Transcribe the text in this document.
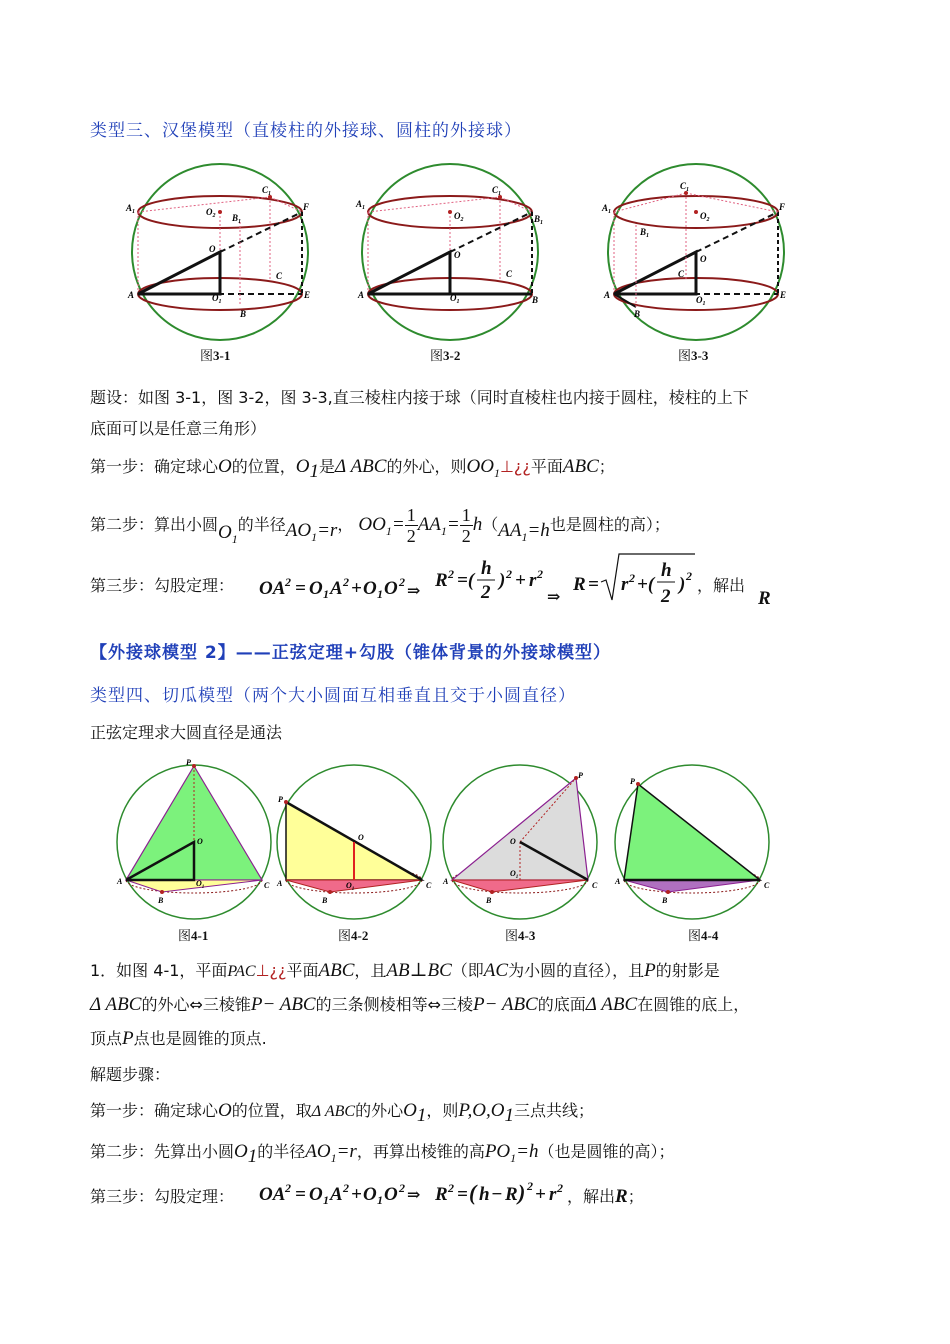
类型三、汉堡模型（直棱柱的外接球、圆柱的外接球）
$A_1$
$C_1$
$O_2$ $B_1$
F
O
C
A	$O_1$
E
B
$A_1$
$C_1$
$O_2$	$B_1$
O
C
A	$O_1$	B
$A_1$
$C_1$
$O_2$
$B_1$
F
O
C
A	$O_1$
E
B
图3-1	图3-2	图3-3
题设：如图 3-1，图 3-2，图 3-3,直三棱柱内接于球（同时直棱柱也内接于圆柱，棱柱的上下
底面可以是任意三角形）
第一步：确定球心O的位置，$O_1$是Δ ABC的外心，则$OO_1\perp¿¿$平面ABC；
第二步：算出小圆$O_1$的半径$AO_1=r$， $OO_1= \frac{1}{2} AA_1= \frac{1}{2} h(AA_1=h$也是圆柱的高）；
第三步：勾股定理： OA 2 = O 1 A 2 + O 1 O 2
⇒
R 2 =(
h
2
) 2 + r 2
⇒
R = r 2 +(
h
2
) 2 ，解出
R
【外接球模型 2】——正弦定理+勾股（锥体背景的外接球模型）
类型四、切瓜模型（两个大小圆面互相垂直且交于小圆直径）
正弦定理求大圆直径是通法
P
O
A	$O_1$	C
B
P
O
A	$O_1$	C
B
P
O
A
$O_1$
C
B
P
A	C
B
图4-1	图4-2	图4-3	图4-4
1．如图 4-1，平面PAC⊥¿¿平面ABC，且AB⊥BC（即AC为小圆的直径），且P的射影是
Δ ABC的外心⇔三棱锥P− ABC的三条侧棱相等⇔三棱P− ABC的底面Δ ABC在圆锥的底上，
顶点P点也是圆锥的顶点.
解题步骤：
第一步：确定球心O的位置，取Δ ABC的外心$O_1$，则$P,O,O_1$三点共线；
第二步：先算出小圆$O_1$的半径$AO_1=r$，再算出棱锥的高$PO_1=h$（也是圆锥的高）；
第三步：勾股定理： OA 2 = O 1 A 2 + O 1 O 2 ⇒ R 2 = ( h − R ) 2 + r 2 ，解出R；
